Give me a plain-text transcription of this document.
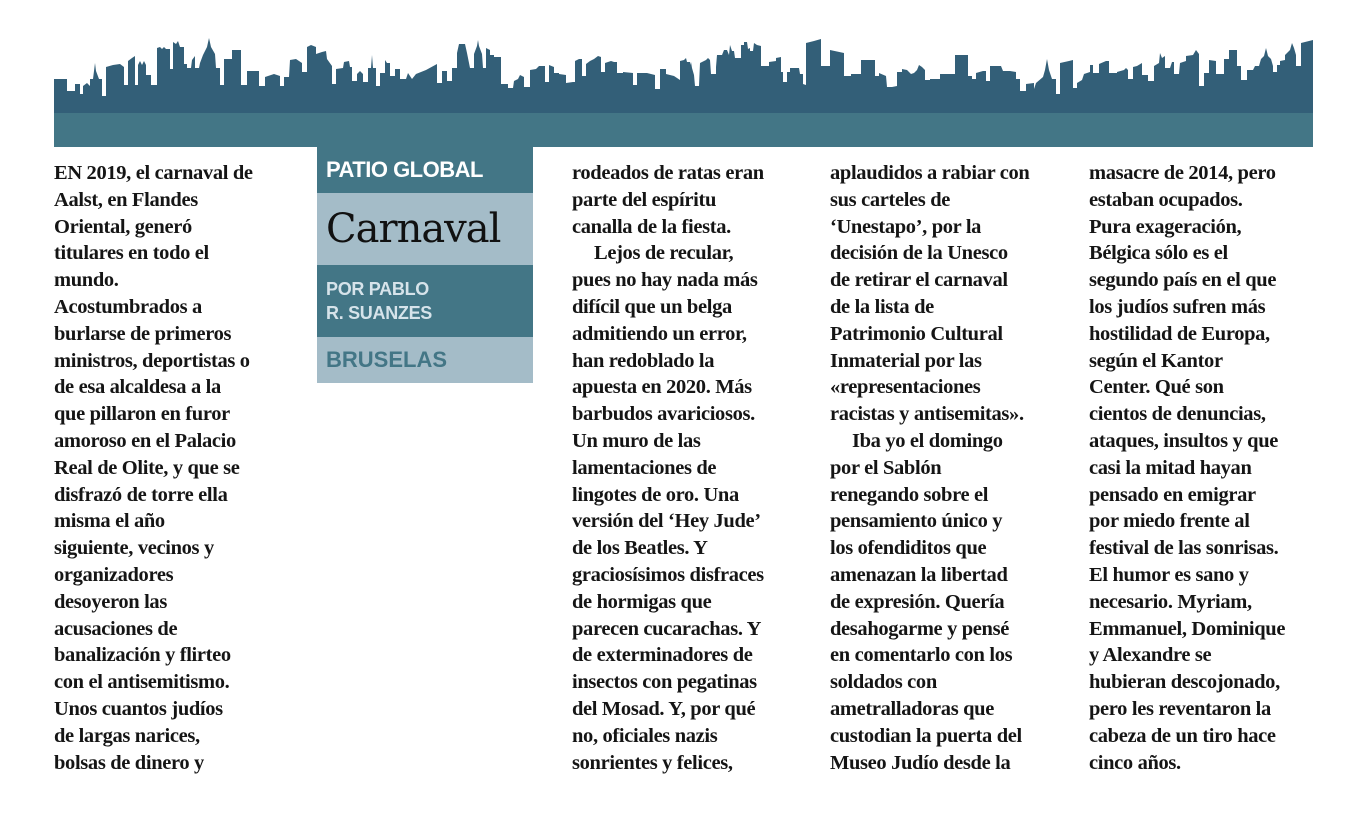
PATIO GLOBAL
Carnaval
POR PABLO
R. SUANZES
BRUSELAS
EN 2019, el carnaval de
Aalst, en Flandes
Oriental, generó
titulares en todo el
mundo.
Acostumbrados a
burlarse de primeros
ministros, deportistas o
de esa alcaldesa a la
que pillaron en furor
amoroso en el Palacio
Real de Olite, y que se
disfrazó de torre ella
misma el año
siguiente, vecinos y
organizadores
desoyeron las
acusaciones de
banalización y flirteo
con el antisemitismo.
Unos cuantos judíos
de largas narices,
bolsas de dinero y
rodeados de ratas eran
parte del espíritu
canalla de la fiesta.
Lejos de recular,
pues no hay nada más
difícil que un belga
admitiendo un error,
han redoblado la
apuesta en 2020. Más
barbudos avariciosos.
Un muro de las
lamentaciones de
lingotes de oro. Una
versión del ‘Hey Jude’
de los Beatles. Y
graciosísimos disfraces
de hormigas que
parecen cucarachas. Y
de exterminadores de
insectos con pegatinas
del Mosad. Y, por qué
no, oficiales nazis
sonrientes y felices,
aplaudidos a rabiar con
sus carteles de
‘Unestapo’, por la
decisión de la Unesco
de retirar el carnaval
de la lista de
Patrimonio Cultural
Inmaterial por las
«representaciones
racistas y antisemitas».
Iba yo el domingo
por el Sablón
renegando sobre el
pensamiento único y
los ofendiditos que
amenazan la libertad
de expresión. Quería
desahogarme y pensé
en comentarlo con los
soldados con
ametralladoras que
custodian la puerta del
Museo Judío desde la
masacre de 2014, pero
estaban ocupados.
Pura exageración,
Bélgica sólo es el
segundo país en el que
los judíos sufren más
hostilidad de Europa,
según el Kantor
Center. Qué son
cientos de denuncias,
ataques, insultos y que
casi la mitad hayan
pensado en emigrar
por miedo frente al
festival de las sonrisas.
El humor es sano y
necesario. Myriam,
Emmanuel, Dominique
y Alexandre se
hubieran descojonado,
pero les reventaron la
cabeza de un tiro hace
cinco años.
